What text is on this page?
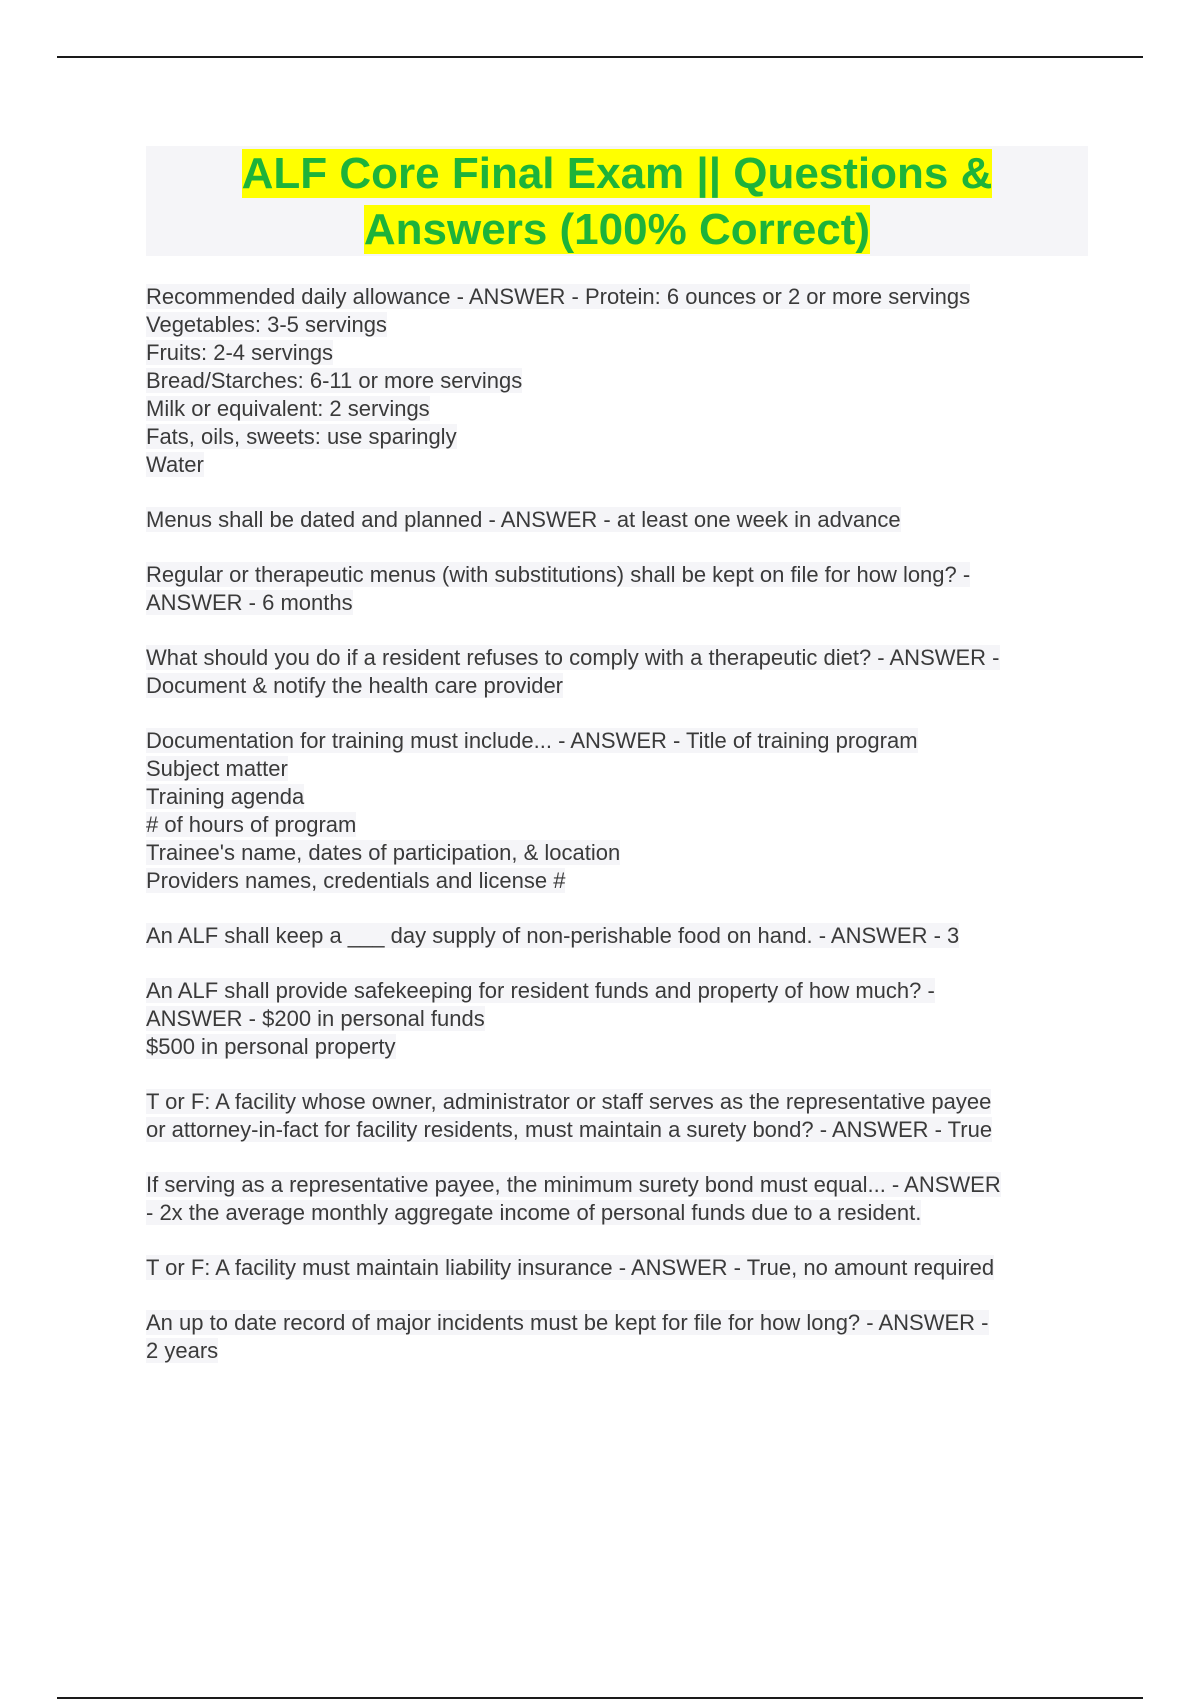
ALF Core Final Exam || Questions &
Answers (100% Correct)

Recommended daily allowance - ANSWER - Protein: 6 ounces or 2 or more servings

Vegetables: 3-5 servings

Fruits: 2-4 servings

Bread/Starches: 6-11 or more servings

Milk or equivalent: 2 servings

Fats, oils, sweets: use sparingly

Water

Menus shall be dated and planned - ANSWER - at least one week in advance

Regular or therapeutic menus (with substitutions) shall be kept on file for how long? -

ANSWER - 6 months

What should you do if a resident refuses to comply with a therapeutic diet? - ANSWER -

Document & notify the health care provider

Documentation for training must include... - ANSWER - Title of training program

Subject matter

Training agenda

# of hours of program

Trainee's name, dates of participation, & location

Providers names, credentials and license #

An ALF shall keep a ___ day supply of non-perishable food on hand. - ANSWER - 3

An ALF shall provide safekeeping for resident funds and property of how much? -

ANSWER - $200 in personal funds

$500 in personal property

T or F: A facility whose owner, administrator or staff serves as the representative payee

or attorney-in-fact for facility residents, must maintain a surety bond? - ANSWER - True

If serving as a representative payee, the minimum surety bond must equal... - ANSWER

- 2x the average monthly aggregate income of personal funds due to a resident.

T or F: A facility must maintain liability insurance - ANSWER - True, no amount required

An up to date record of major incidents must be kept for file for how long? - ANSWER -

2 years
